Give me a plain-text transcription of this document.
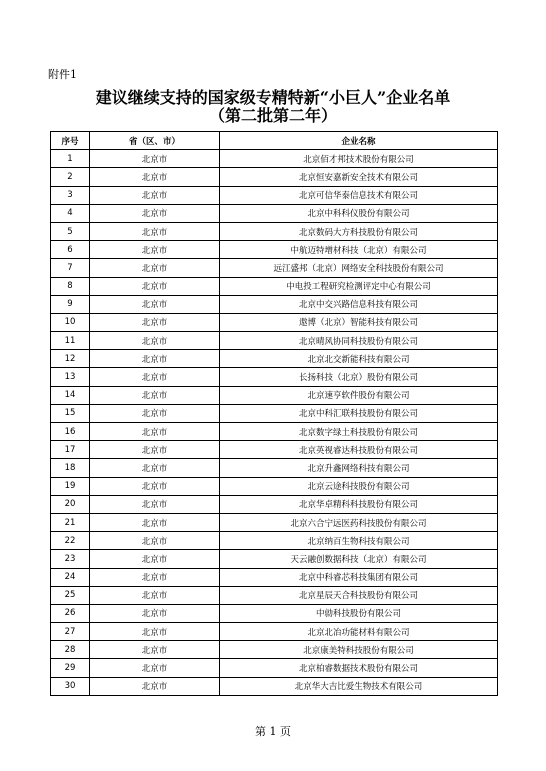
附件1
建议继续支持的国家级专精特新“小巨人”企业名单
（第二批第二年）
序号	省（区、市）	企业名称
1	北京市	北京佰才邦技术股份有限公司
2	北京市	北京恒安嘉新安全技术有限公司
3	北京市	北京可信华泰信息技术有限公司
4	北京市	北京中科科仪股份有限公司
5	北京市	北京数码大方科技股份有限公司
6	北京市	中航迈特增材科技（北京）有限公司
7	北京市	远江盛邦（北京）网络安全科技股份有限公司
8	北京市	中电投工程研究检测评定中心有限公司
9	北京市	北京中交兴路信息科技有限公司
10	北京市	遨博（北京）智能科技有限公司
11	北京市	北京晴风协同科技股份有限公司
12	北京市	北京北交新能科技有限公司
13	北京市	长扬科技（北京）股份有限公司
14	北京市	北京速亨软件股份有限公司
15	北京市	北京中科汇联科技股份有限公司
16	北京市	北京数字绿土科技股份有限公司
17	北京市	北京英视睿达科技股份有限公司
18	北京市	北京升鑫网络科技有限公司
19	北京市	北京云途科技股份有限公司
20	北京市	北京华卓精科科技股份有限公司
21	北京市	北京六合宁远医药科技股份有限公司
22	北京市	北京纳百生物科技有限公司
23	北京市	天云融创数据科技（北京）有限公司
24	北京市	北京中科睿芯科技集团有限公司
25	北京市	北京星辰天合科技股份有限公司
26	北京市	中勍科技股份有限公司
27	北京市	北京北冶功能材料有限公司
28	北京市	北京康美特科技股份有限公司
29	北京市	北京柏睿数据技术股份有限公司
30	北京市	北京华大吉比爱生物技术有限公司
第 1 页
